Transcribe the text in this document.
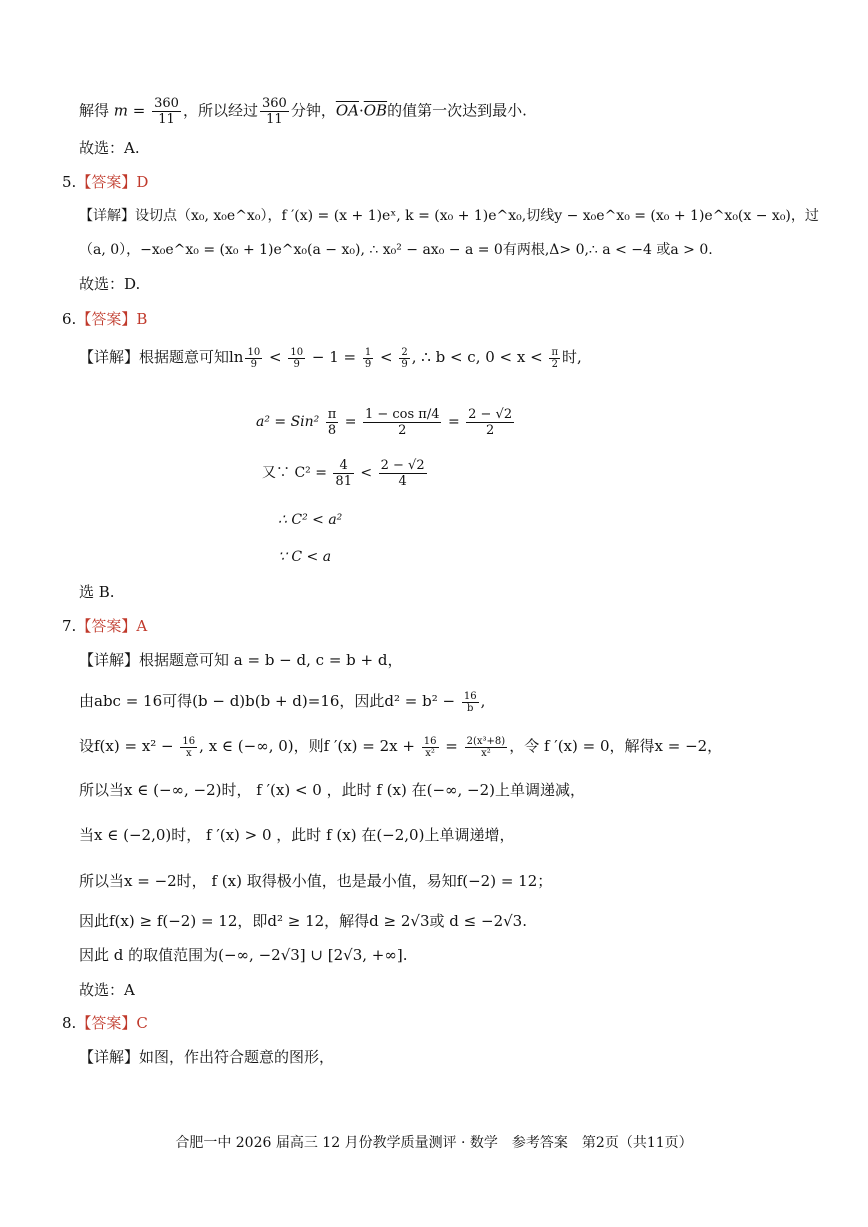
解得 $m = \frac{360}{11}$ ，所以经过 $\frac{360}{11}$ 分钟，$\overline{OA}\cdot\overline{OB}$的值第一次达到最小.
故选：A.
5.【答案】D
【详解】设切点（x₀, x₀e^x₀），f ′(x) = (x + 1)eˣ, k = (x₀ + 1)e^x₀,切线y − x₀e^x₀ = (x₀ + 1)e^x₀(x − x₀)，过
（a, 0），−x₀e^x₀ = (x₀ + 1)e^x₀(a − x₀), ∴ x₀² − ax₀ − a = 0有两根,Δ> 0,∴ a < −4 或a > 0.
故选：D.
6.【答案】B
【详解】根据题意可知$\ln \frac{10}{9} < \frac{10}{9} - 1 = \frac{1}{9} < \frac{2}{9}$ , ∴ b < c, $0 < x < \frac{\pi}{2}$ 时,
$a^2 = Sin^2 \frac{\pi}{8} = \frac{\text{1 − cos π/4}}{2} = \frac{2 - √2}{2}$
又∵ $C^2 = \frac{4}{81} < \frac{2 - √2}{4}$
∴ C² < a²
∵ C < a
选 B.
7.【答案】A
【详解】根据题意可知 a = b − d, c = b + d，
由abc = 16可得(b − d)b(b + d)=16，因此$d^2 = b^2 - \frac{16}{b}$ ,
设$f(x) = x^2 - \frac{16}{x}$ , x ∈ (−∞, 0)，则f $'(x) = 2x + \frac{16}{\text{x²}} = \frac{\text{2(x³+8)}}{\text{x²}}$ ，令 f ′(x) = 0，解得x = −2，
所以当x ∈ (−∞, −2)时， f ′(x) < 0 ，此时 f (x) 在(−∞, −2)上单调递减，
当x ∈ (−2,0)时， f ′(x) > 0 ，此时 f (x) 在(−2,0)上单调递增，
所以当x = −2时， f (x) 取得极小值，也是最小值，易知f(−2) = 12；
因此f(x) ≥ f(−2) = 12，即d² ≥ 12，解得d ≥ 2√3或 d ≤ −2√3.
因此 d 的取值范围为(−∞, −2√3] ∪ [2√3, +∞].
故选：A
8.【答案】C
【详解】如图，作出符合题意的图形，
合肥一中 2026 届高三 12 月份教学质量测评 · 数学　参考答案　第2页（共11页）
